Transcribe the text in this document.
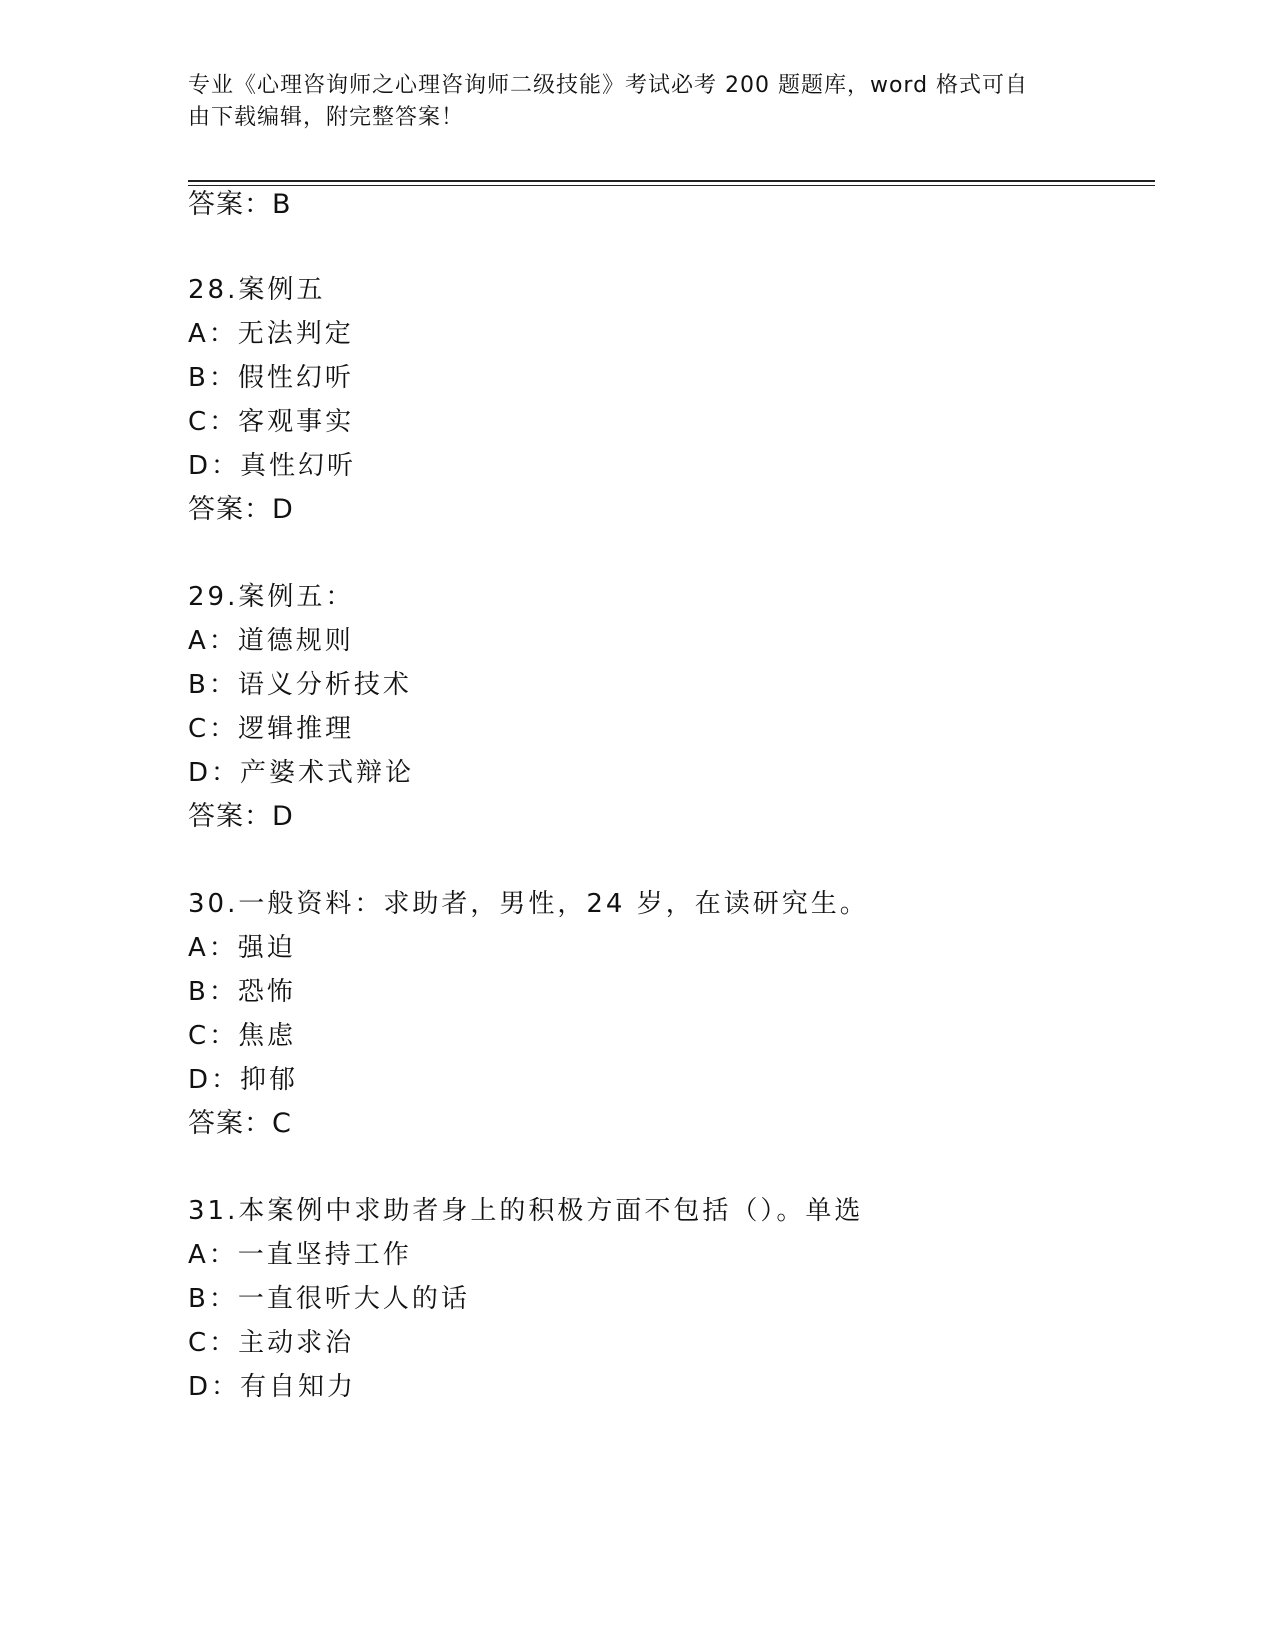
专业《心理咨询师之心理咨询师二级技能》考试必考 200 题题库，word 格式可自
由下载编辑，附完整答案！
答案：B
28.案例五
A：无法判定
B：假性幻听
C：客观事实
D：真性幻听
答案：D
29.案例五：
A：道德规则
B：语义分析技术
C：逻辑推理
D：产婆术式辩论
答案：D
30.一般资料：求助者，男性，24 岁，在读研究生。
A：强迫
B：恐怖
C：焦虑
D：抑郁
答案：C
31.本案例中求助者身上的积极方面不包括（）。单选
A：一直坚持工作
B：一直很听大人的话
C：主动求治
D：有自知力
